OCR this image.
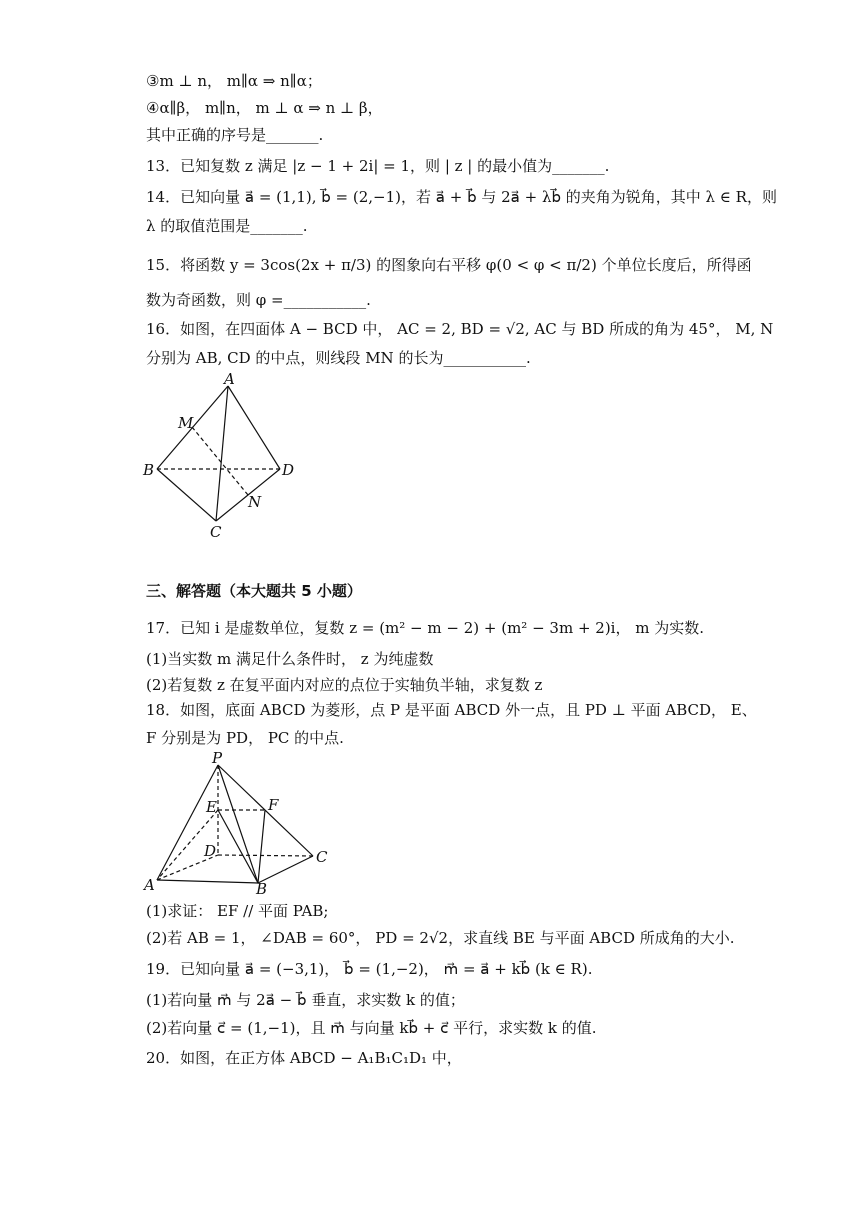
③m ⊥ n， m∥α ⇒ n∥α；
④α∥β， m∥n， m ⊥ α ⇒ n ⊥ β，
其中正确的序号是_______.
13．已知复数 z 满足 |z − 1 + 2i| = 1，则 | z | 的最小值为_______.
14．已知向量 a⃗ = (1,1), b⃗ = (2,−1)，若 a⃗ + b⃗ 与 2a⃗ + λb⃗ 的夹角为锐角，其中 λ ∈ R，则
λ 的取值范围是_______.
15．将函数 y = 3cos(2x + π/3) 的图象向右平移 φ(0 < φ < π/2) 个单位长度后，所得函
数为奇函数，则 φ =___________.
16．如图，在四面体 A − BCD 中， AC = 2, BD = √2, AC 与 BD 所成的角为 45°， M, N
分别为 AB, CD 的中点，则线段 MN 的长为___________.
A
M
B	D
N
C
三、解答题（本大题共 5 小题）
17．已知 i 是虚数单位，复数 z = (m² − m − 2) + (m² − 3m + 2)i， m 为实数.
(1)当实数 m 满足什么条件时， z 为纯虚数
(2)若复数 z 在复平面内对应的点位于实轴负半轴，求复数 z
18．如图，底面 ABCD 为菱形，点 P 是平面 ABCD 外一点，且 PD ⊥ 平面 ABCD， E、
F 分别是为 PD， PC 的中点.
P
E	F
D	C
A	B
(1)求证： EF // 平面 PAB;
(2)若 AB = 1， ∠DAB = 60°， PD = 2√2，求直线 BE 与平面 ABCD 所成角的大小.
19．已知向量 a⃗ = (−3,1)， b⃗ = (1,−2)， m⃗ = a⃗ + kb⃗ (k ∈ R).
(1)若向量 m⃗ 与 2a⃗ − b⃗ 垂直，求实数 k 的值；
(2)若向量 c⃗ = (1,−1)，且 m⃗ 与向量 kb⃗ + c⃗ 平行，求实数 k 的值.
20．如图，在正方体 ABCD − A₁B₁C₁D₁ 中，
